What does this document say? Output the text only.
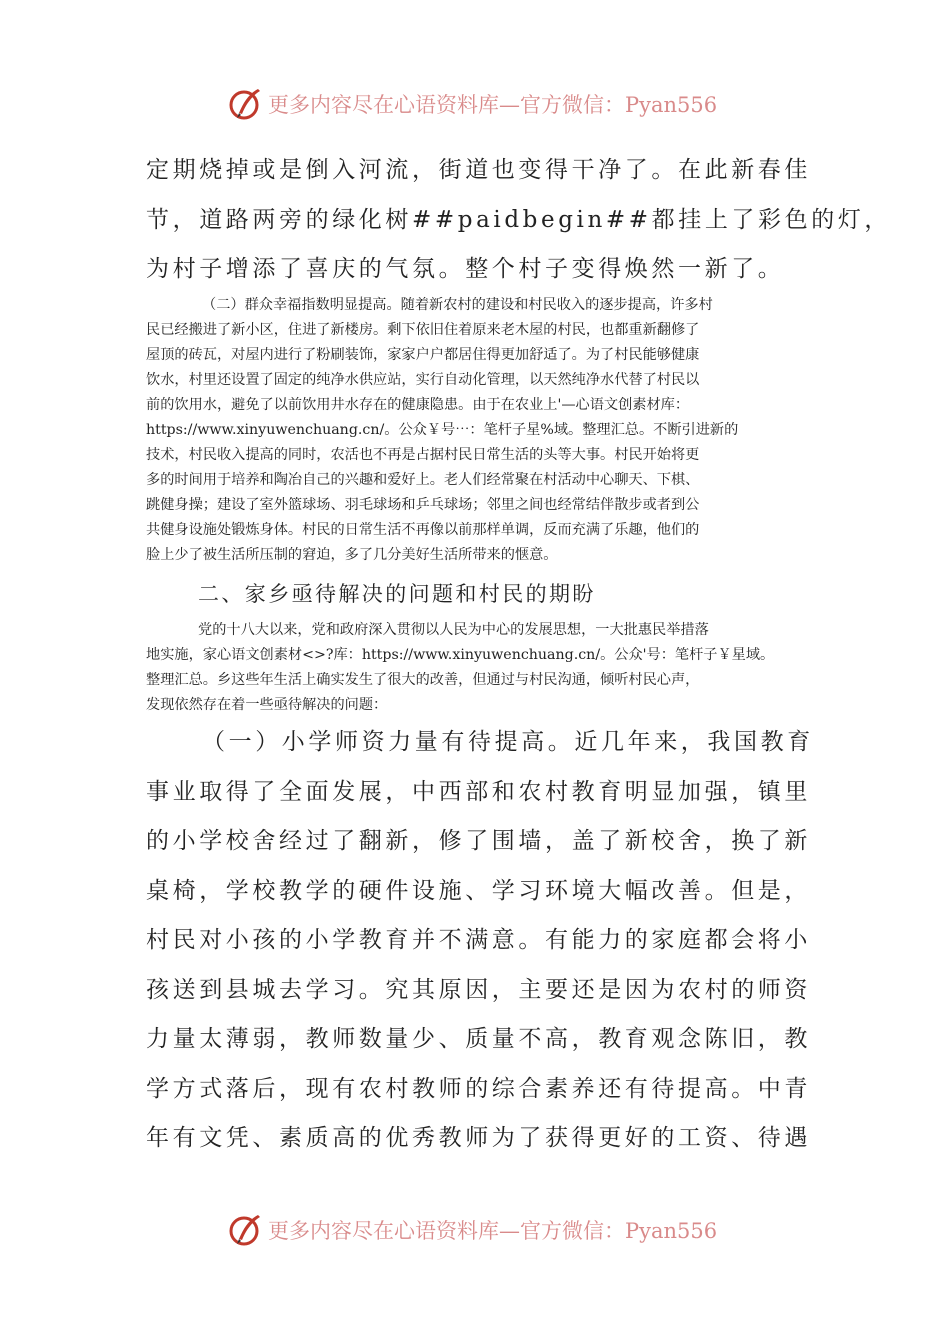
更多内容尽在心语资料库—官方微信：Pyan556

定期烧掉或是倒入河流，街道也变得干净了。在此新春佳

节，道路两旁的绿化树##paidbegin##都挂上了彩色的灯，

为村子增添了喜庆的气氛。整个村子变得焕然一新了。

（二）群众幸福指数明显提高。随着新农村的建设和村民收入的逐步提高，许多村

民已经搬进了新小区，住进了新楼房。剩下依旧住着原来老木屋的村民，也都重新翻修了

屋顶的砖瓦，对屋内进行了粉刷装饰，家家户户都居住得更加舒适了。为了村民能够健康

饮水，村里还设置了固定的纯净水供应站，实行自动化管理，以天然纯净水代替了村民以

前的饮用水，避免了以前饮用井水存在的健康隐患。由于在农业上'—心语文创素材库：

https://www.xinyuwenchuang.cn/。公众￥号⋯：笔杆子星%域。整理汇总。不断引进新的

技术，村民收入提高的同时，农活也不再是占据村民日常生活的头等大事。村民开始将更

多的时间用于培养和陶冶自己的兴趣和爱好上。老人们经常聚在村活动中心聊天、下棋、

跳健身操；建设了室外篮球场、羽毛球场和乒乓球场；邻里之间也经常结伴散步或者到公

共健身设施处锻炼身体。村民的日常生活不再像以前那样单调，反而充满了乐趣，他们的

脸上少了被生活所压制的窘迫，多了几分美好生活所带来的惬意。

二、家乡亟待解决的问题和村民的期盼

党的十八大以来，党和政府深入贯彻以人民为中心的发展思想，一大批惠民举措落

地实施，家心语文创素材<>?库：https://www.xinyuwenchuang.cn/。公众'号：笔杆子￥星域。

整理汇总。乡这些年生活上确实发生了很大的改善，但通过与村民沟通，倾听村民心声，

发现依然存在着一些亟待解决的问题：

（一）小学师资力量有待提高。近几年来，我国教育

事业取得了全面发展，中西部和农村教育明显加强，镇里

的小学校舍经过了翻新，修了围墙，盖了新校舍，换了新

桌椅，学校教学的硬件设施、学习环境大幅改善。但是，

村民对小孩的小学教育并不满意。有能力的家庭都会将小

孩送到县城去学习。究其原因，主要还是因为农村的师资

力量太薄弱，教师数量少、质量不高，教育观念陈旧，教

学方式落后，现有农村教师的综合素养还有待提高。中青

年有文凭、素质高的优秀教师为了获得更好的工资、待遇

更多内容尽在心语资料库—官方微信：Pyan556
